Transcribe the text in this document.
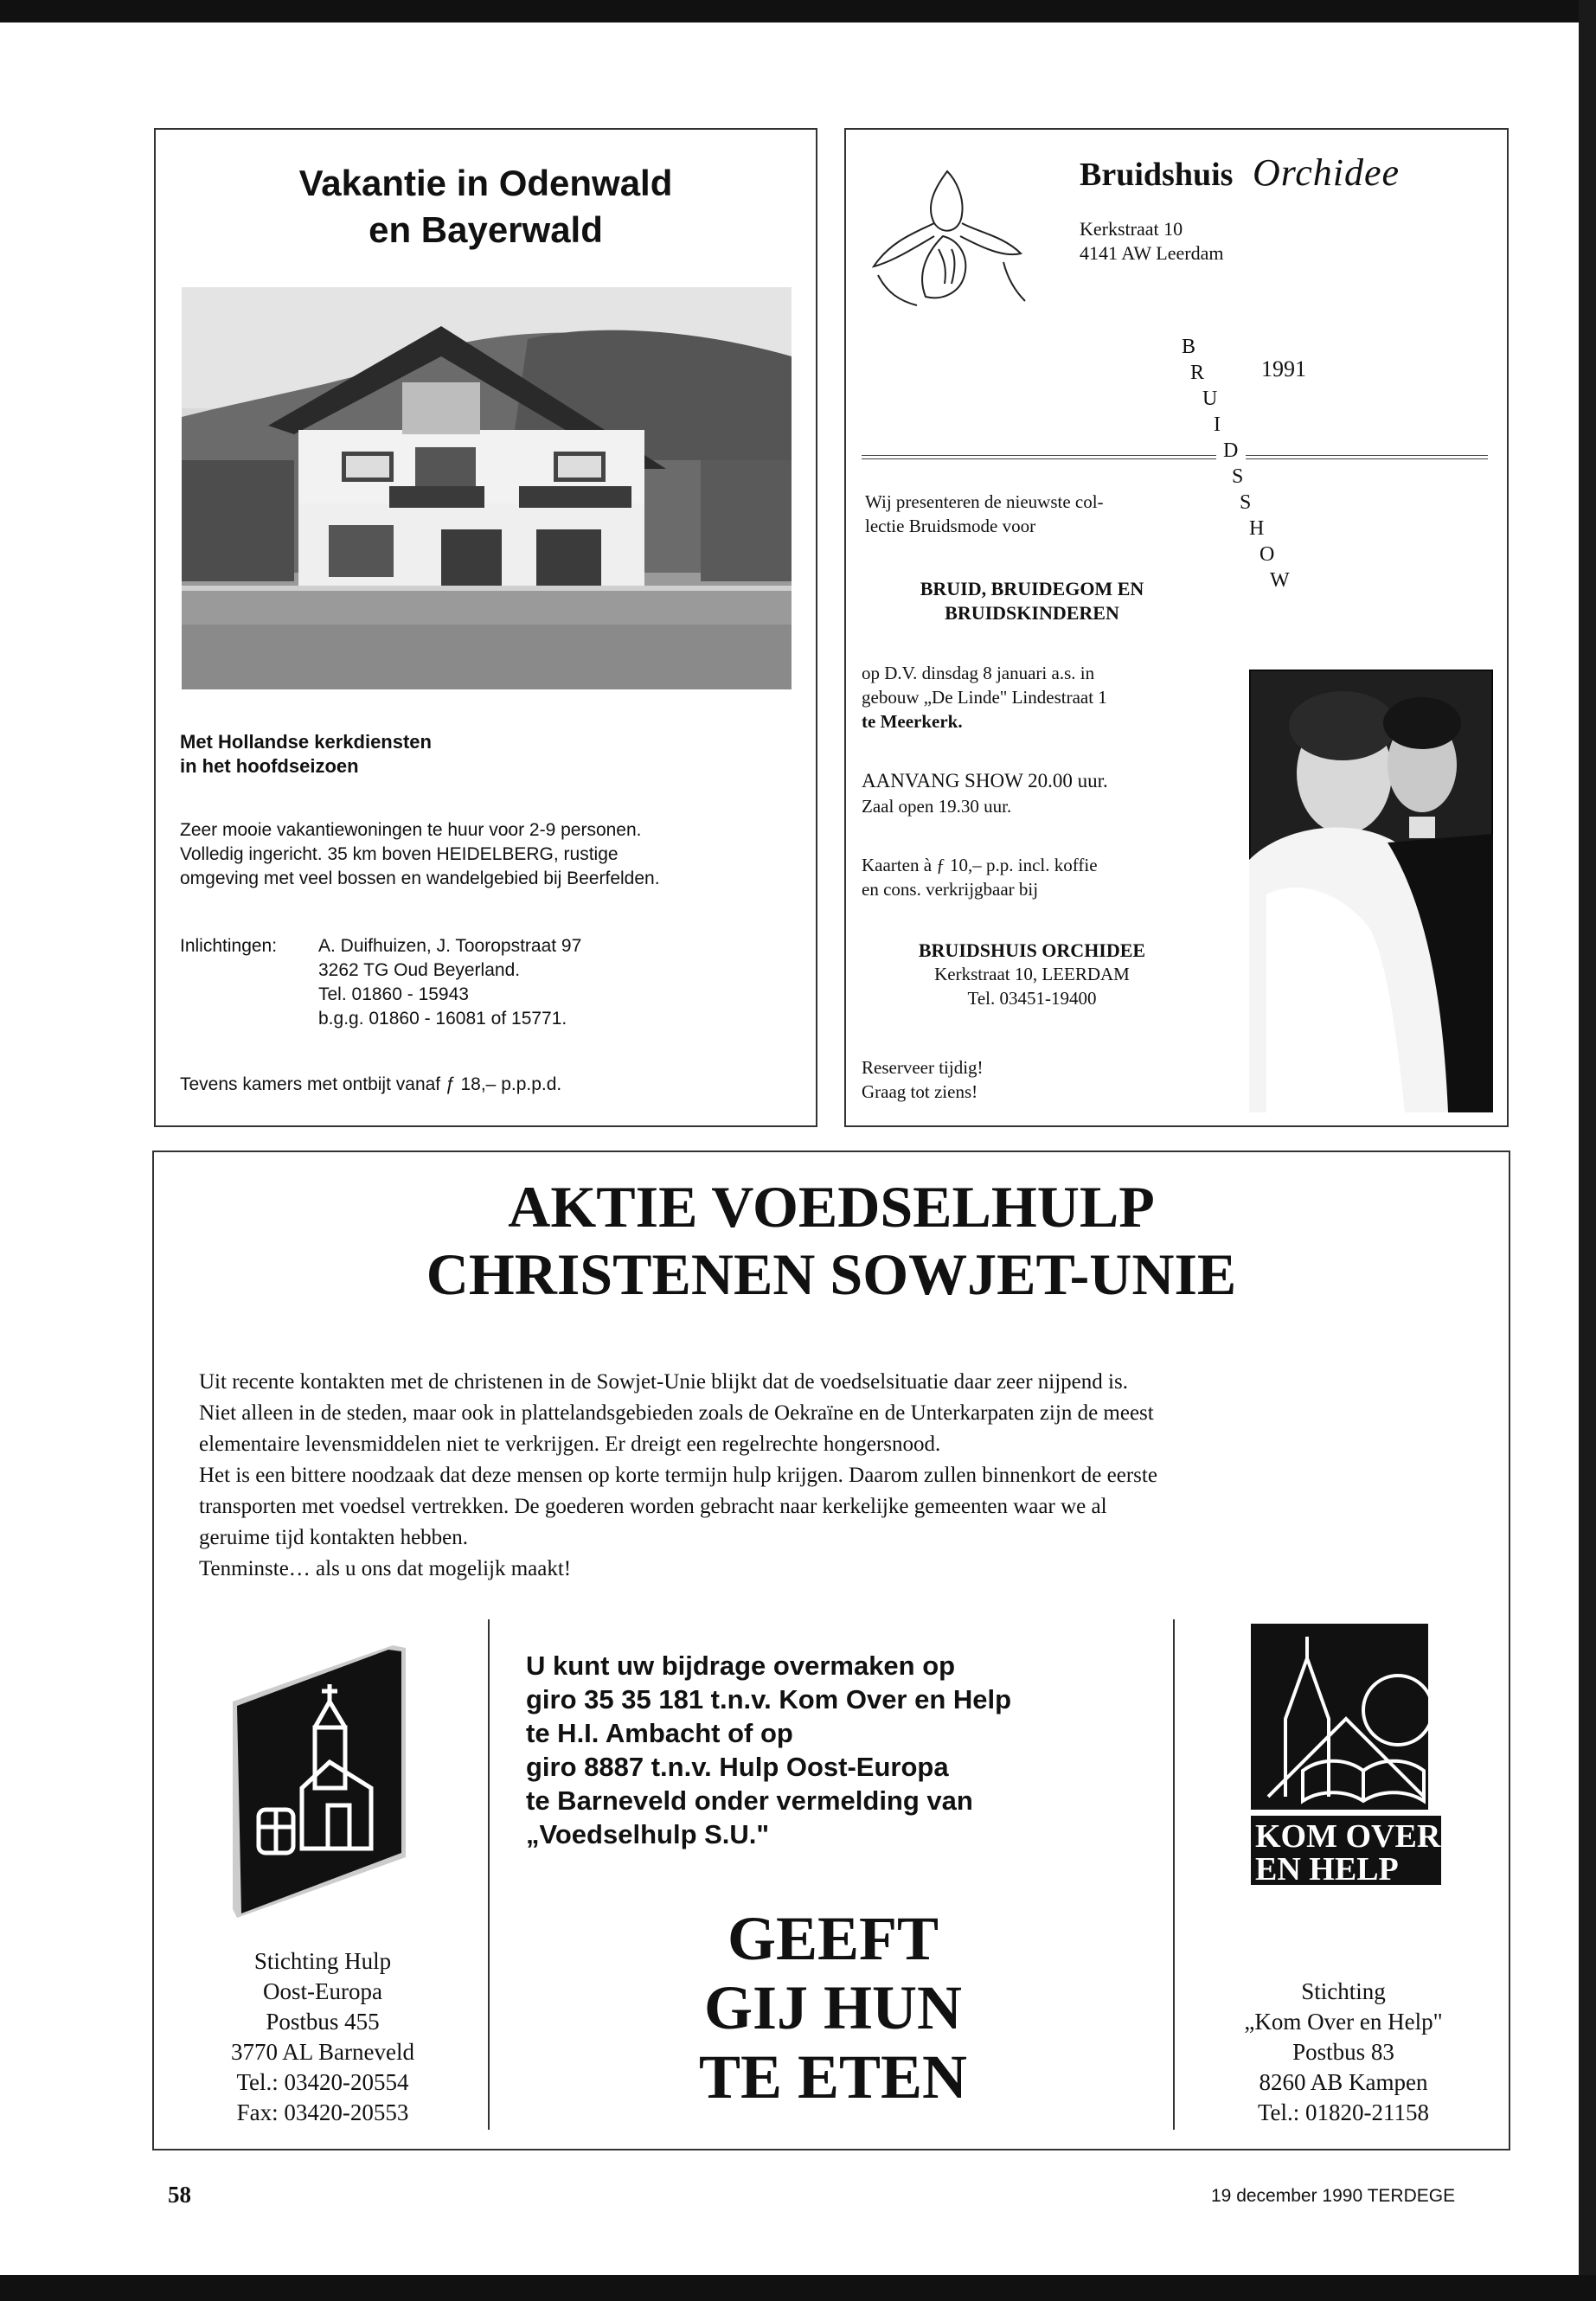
Vakantie in Odenwald
en Bayerwald
Met Hollandse kerkdiensten
in het hoofdseizoen
Zeer mooie vakantiewoningen te huur voor 2-9 personen.
Volledig ingericht. 35 km boven HEIDELBERG, rustige
omgeving met veel bossen en wandelgebied bij Beerfelden.
Inlichtingen: A. Duifhuizen, J. Tooropstraat 97
3262 TG Oud Beyerland.
Tel. 01860 - 15943
b.g.g. 01860 - 16081 of 15771.
Tevens kamers met ontbijt vanaf ƒ 18,– p.p.p.d.
Bruidshuis Orchidee
Kerkstraat 10
4141 AW Leerdam
1991
B
R
U
I
D
S
S
H
O
W
Wij presenteren de nieuwste col-
lectie Bruidsmode voor
BRUID, BRUIDEGOM EN
BRUIDSKINDEREN
op D.V. dinsdag 8 januari a.s. in
gebouw „De Linde" Lindestraat 1
te Meerkerk.
AANVANG SHOW 20.00 uur.
Zaal open 19.30 uur.
Kaarten à ƒ 10,– p.p. incl. koffie
en cons. verkrijgbaar bij
BRUIDSHUIS ORCHIDEE
Kerkstraat 10, LEERDAM
Tel. 03451-19400
Reserveer tijdig!
Graag tot ziens!
AKTIE VOEDSELHULP
CHRISTENEN SOWJET-UNIE
Uit recente kontakten met de christenen in de Sowjet-Unie blijkt dat de voedselsituatie daar zeer nijpend is.
Niet alleen in de steden, maar ook in plattelandsgebieden zoals de Oekraïne en de Unterkarpaten zijn de meest
elementaire levensmiddelen niet te verkrijgen. Er dreigt een regelrechte hongersnood.
Het is een bittere noodzaak dat deze mensen op korte termijn hulp krijgen. Daarom zullen binnenkort de eerste
transporten met voedsel vertrekken. De goederen worden gebracht naar kerkelijke gemeenten waar we al
geruime tijd kontakten hebben.
Tenminste… als u ons dat mogelijk maakt!
Stichting Hulp
Oost-Europa
Postbus 455
3770 AL Barneveld
Tel.: 03420-20554
Fax: 03420-20553
U kunt uw bijdrage overmaken op
giro 35 35 181 t.n.v. Kom Over en Help
te H.I. Ambacht of op
giro 8887 t.n.v. Hulp Oost-Europa
te Barneveld onder vermelding van
„Voedselhulp S.U."
GEEFT
GIJ HUN
TE ETEN
KOM OVER
EN HELP
Stichting
„Kom Over en Help"
Postbus 83
8260 AB Kampen
Tel.: 01820-21158
58	19 december 1990 TERDEGE
